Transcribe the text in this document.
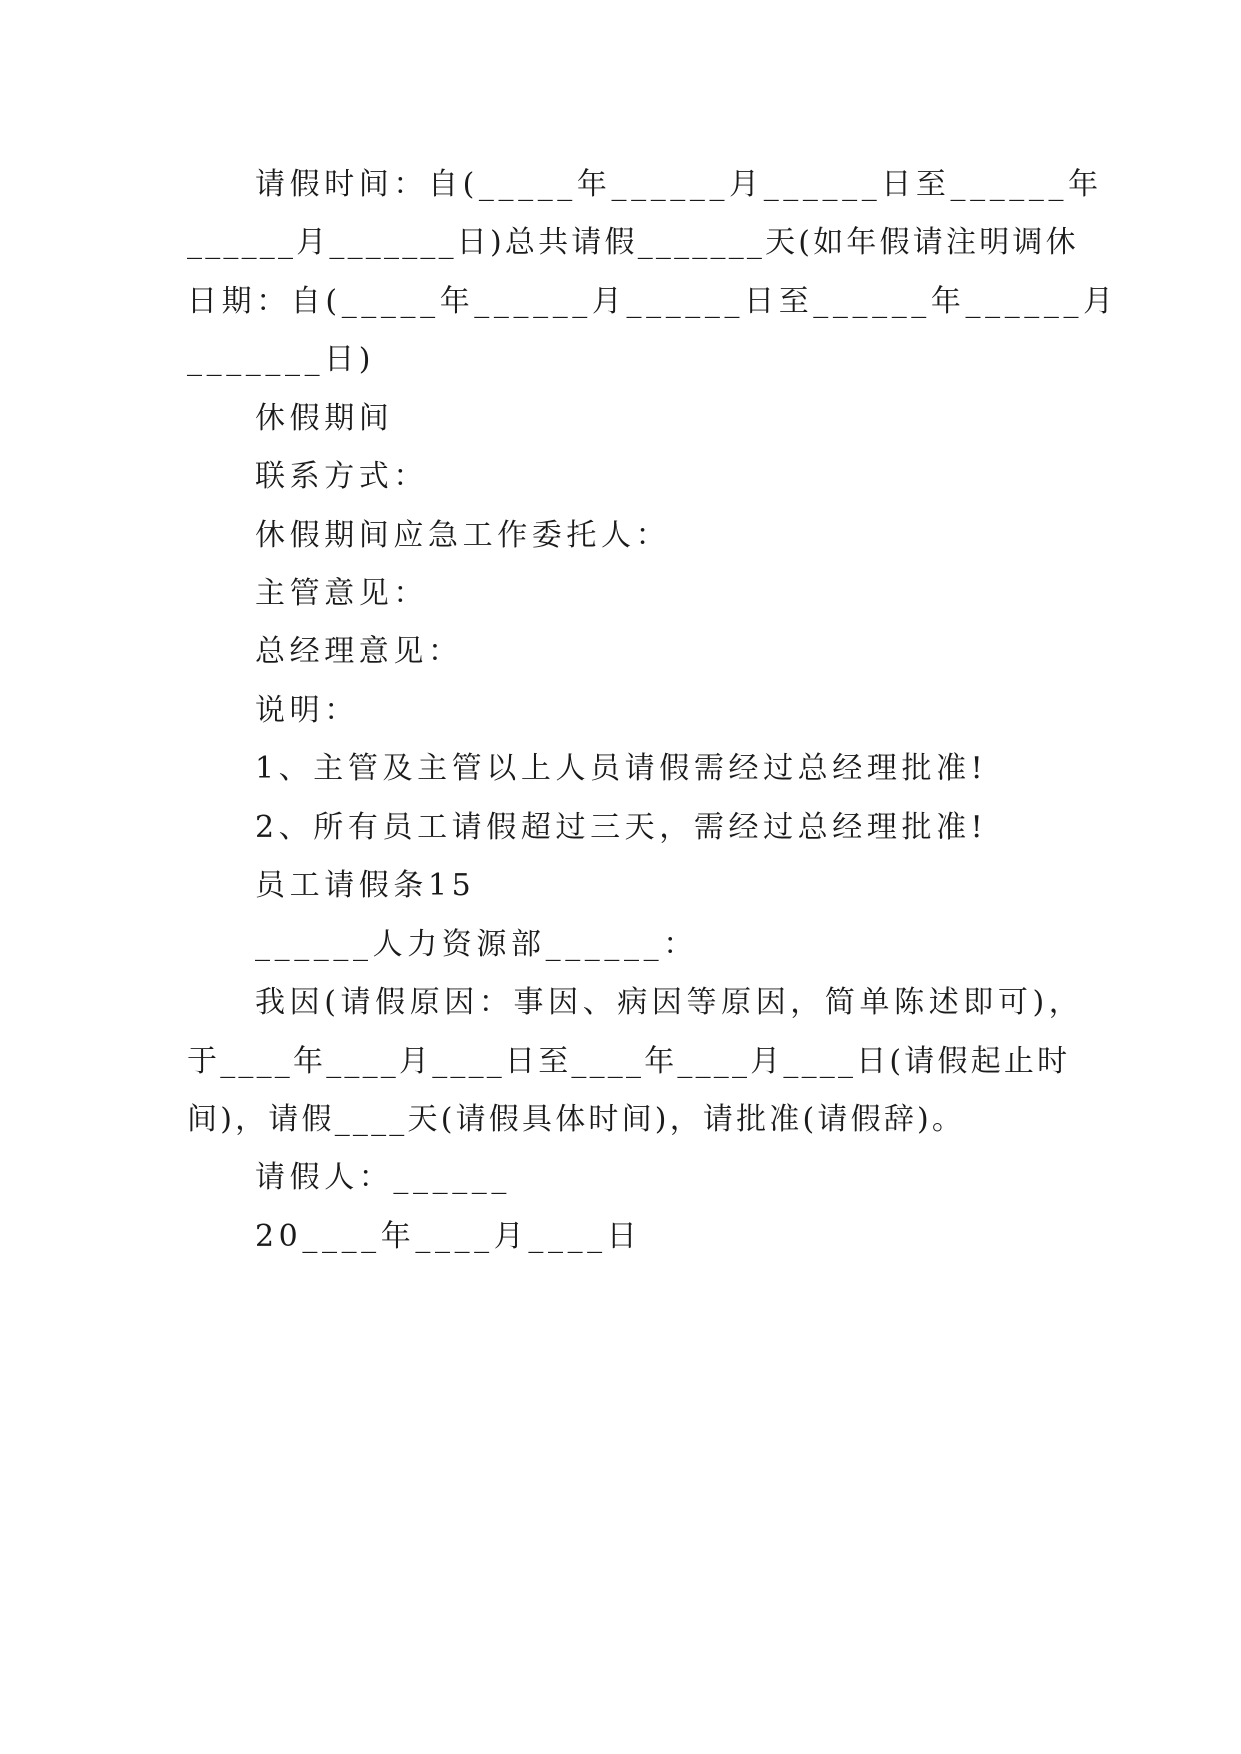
请假时间：自(_____年______月______日至______年
______月_______日)总共请假_______天(如年假请注明调休
日期：自(_____年______月______日至______年______月
_______日)
休假期间
联系方式：
休假期间应急工作委托人：
主管意见：
总经理意见：
说明：
1、主管及主管以上人员请假需经过总经理批准!
2、所有员工请假超过三天，需经过总经理批准!
员工请假条15
______人力资源部______：
我因(请假原因：事因、病因等原因，简单陈述即可)，
于____年____月____日至____年____月____日(请假起止时
间)，请假____天(请假具体时间)，请批准(请假辞)。
请假人：______
20____年____月____日
